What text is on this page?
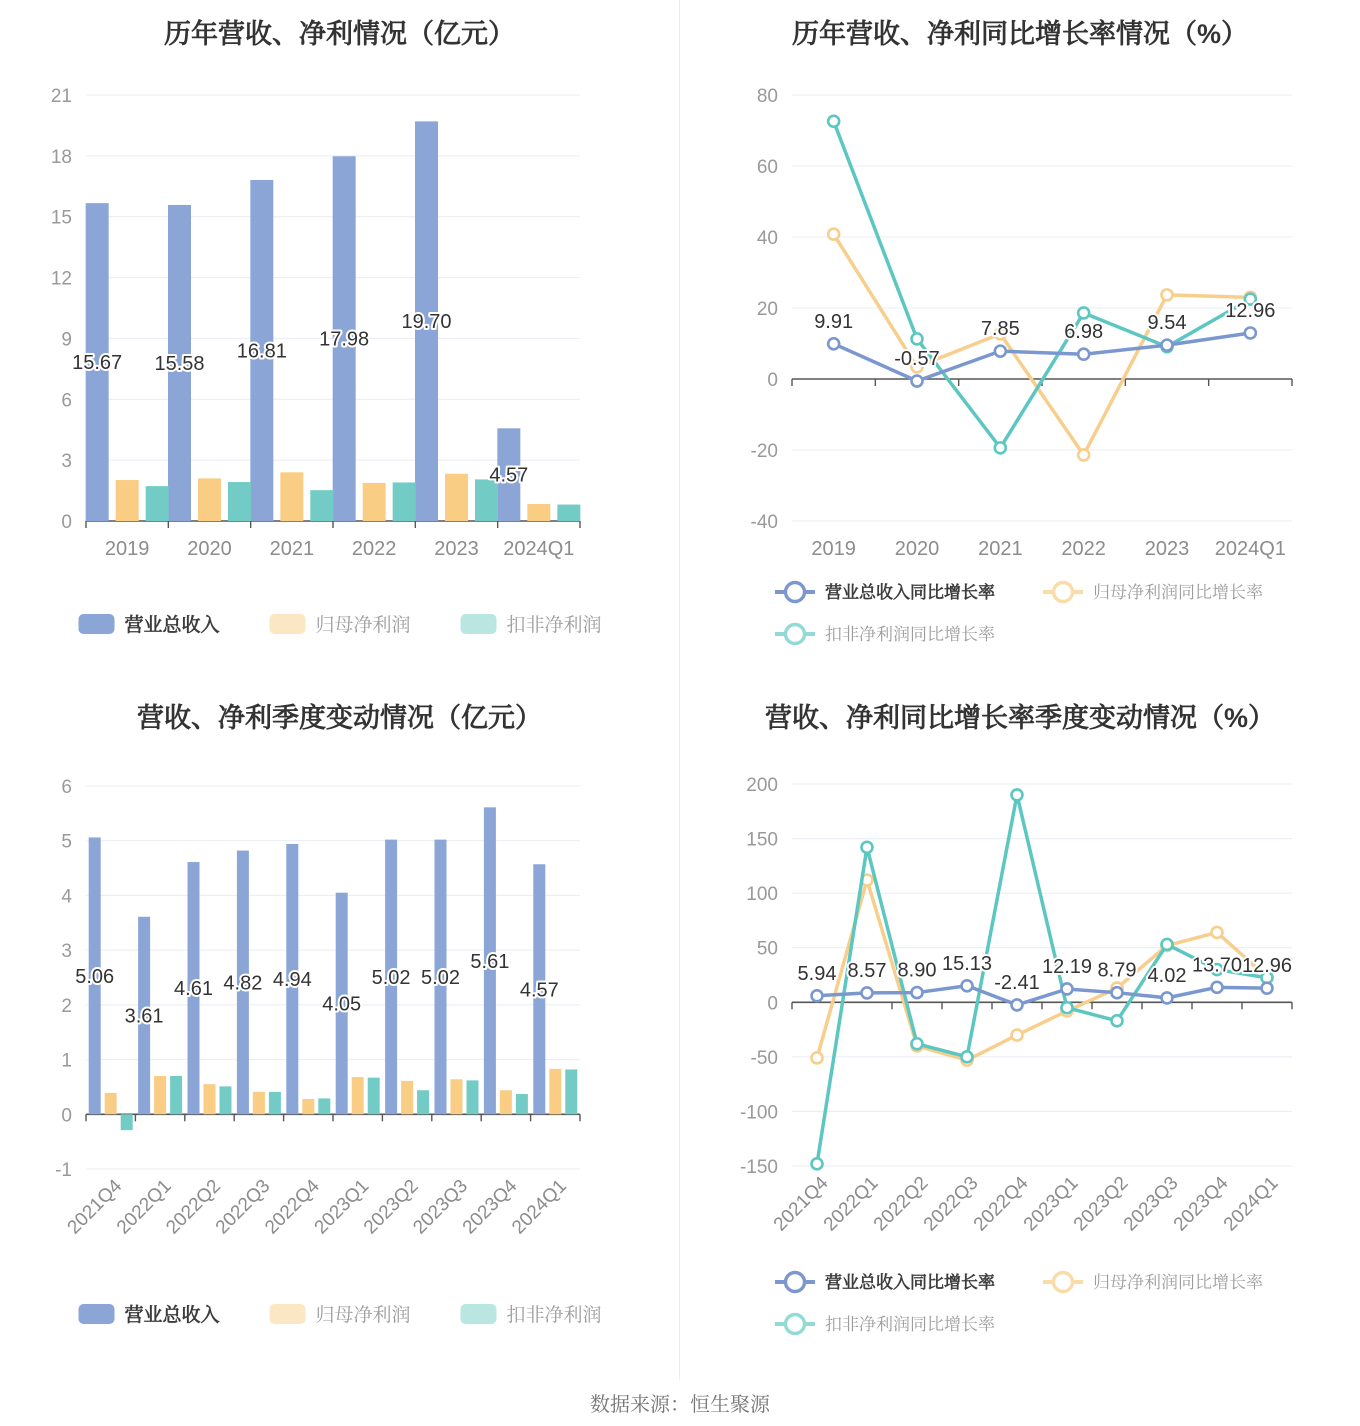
历年营收、净利情况（亿元）
0
3
6
9
12
15
18
21
2019 2020 2021 2022 2023 2024Q1
15.67 15.58
16.81
17.98
19.70
4.57
营业总收入	归母净利润	扣非净利润
历年营收、净利同比增长率情况（%）
-40
-20
0
20
40
60
80
2019 2020 2021 2022 2023 2024Q1
9.91
-0.57
7.85 6.98 9.54
12.96
营业总收入同比增长率	归母净利润同比增长率
扣非净利润同比增长率
营收、净利季度变动情况（亿元）
-1
0
1
2
3
4
5
6
2021Q4
2022Q1
2022Q2
2022Q3
2022Q4
2023Q1
2023Q2
2023Q3
2023Q4
2024Q1
5.06
3.61
4.61 4.82 4.94
4.05
5.02 5.02
5.61
4.57
营业总收入	归母净利润	扣非净利润
营收、净利同比增长率季度变动情况（%）
-150
-100
-50
0
50
100
150
200
2021Q4
2022Q1
2022Q2
2022Q3
2022Q4
2023Q1
2023Q2
2023Q3
2023Q4
2024Q1
5.94 8.57 8.90 15.13
-2.41
12.19 8.79 4.02 13.70 12.96
营业总收入同比增长率	归母净利润同比增长率
扣非净利润同比增长率
数据来源：恒生聚源
